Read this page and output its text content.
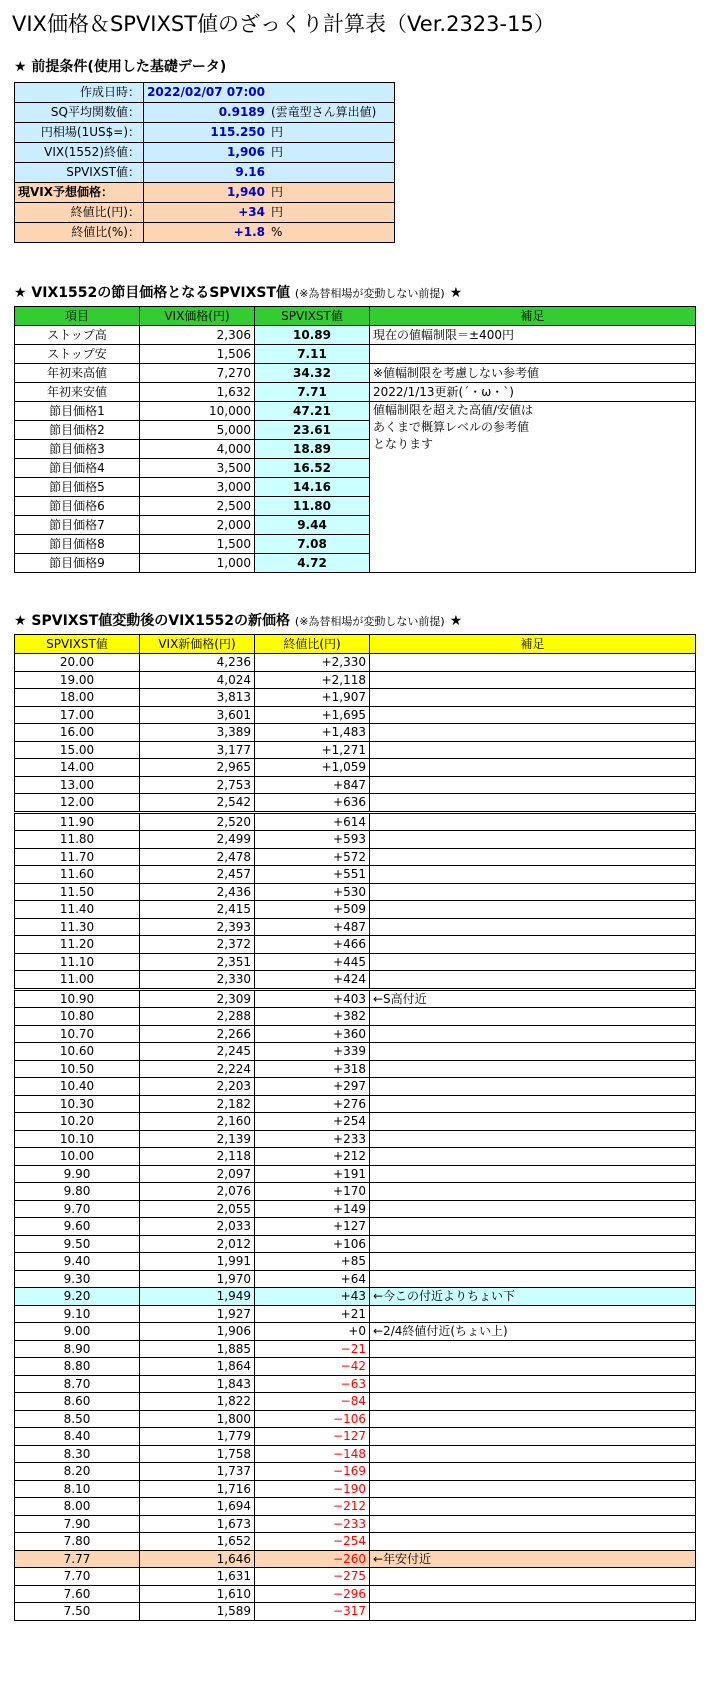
VIX価格＆SPVIXST値のざっくり計算表（Ver.2323-15）
★ 前提条件(使用した基礎データ)
作成日時：	2022/02/07 07:00	
SQ平均関数値：	0.9189	(雲竜型さん算出値)
円相場(1US$=)：	115.250	円
VIX(1552)終値：	1,906	円
SPVIXST値：	9.16	
現VIX予想価格：	1,940	円
終値比(円)：	+34	円
終値比(%)：	+1.8	%
★ VIX1552の節目価格となるSPVIXST値 (※為替相場が変動しない前提) ★
項目	VIX価格(円)	SPVIXST値	補足
ストップ高	2,306	10.89	現在の値幅制限＝±400円
ストップ安	1,506	7.11	
年初来高値	7,270	34.32	※値幅制限を考慮しない参考値
年初来安値	1,632	7.71	2022/1/13更新(´・ω・`)
節目価格1	10,000	47.21	値幅制限を超えた高値/安値は
あくまで概算レベルの参考値
となります

節目価格2	5,000	23.61	
節目価格3	4,000	18.89	
節目価格4	3,500	16.52	
節目価格5	3,000	14.16	
節目価格6	2,500	11.80	
節目価格7	2,000	9.44	
節目価格8	1,500	7.08	
節目価格9	1,000	4.72	
★ SPVIXST値変動後のVIX1552の新価格 (※為替相場が変動しない前提) ★
SPVIXST値	VIX新価格(円)	終値比(円)	補足
20.00	4,236	+2,330	
19.00	4,024	+2,118	
18.00	3,813	+1,907	
17.00	3,601	+1,695	
16.00	3,389	+1,483	
15.00	3,177	+1,271	
14.00	2,965	+1,059	
13.00	2,753	+847	
12.00	2,542	+636	
11.90	2,520	+614	
11.80	2,499	+593	
11.70	2,478	+572	
11.60	2,457	+551	
11.50	2,436	+530	
11.40	2,415	+509	
11.30	2,393	+487	
11.20	2,372	+466	
11.10	2,351	+445	
11.00	2,330	+424	
10.90	2,309	+403	←S高付近
10.80	2,288	+382	
10.70	2,266	+360	
10.60	2,245	+339	
10.50	2,224	+318	
10.40	2,203	+297	
10.30	2,182	+276	
10.20	2,160	+254	
10.10	2,139	+233	
10.00	2,118	+212	
9.90	2,097	+191	
9.80	2,076	+170	
9.70	2,055	+149	
9.60	2,033	+127	
9.50	2,012	+106	
9.40	1,991	+85	
9.30	1,970	+64	
9.20	1,949	+43	←今この付近よりちょい下
9.10	1,927	+21	
9.00	1,906	+0	←2/4終値付近(ちょい上)
8.90	1,885	−21	
8.80	1,864	−42	
8.70	1,843	−63	
8.60	1,822	−84	
8.50	1,800	−106	
8.40	1,779	−127	
8.30	1,758	−148	
8.20	1,737	−169	
8.10	1,716	−190	
8.00	1,694	−212	
7.90	1,673	−233	
7.80	1,652	−254	
7.77	1,646	−260	←年安付近
7.70	1,631	−275	
7.60	1,610	−296	
7.50	1,589	−317	
